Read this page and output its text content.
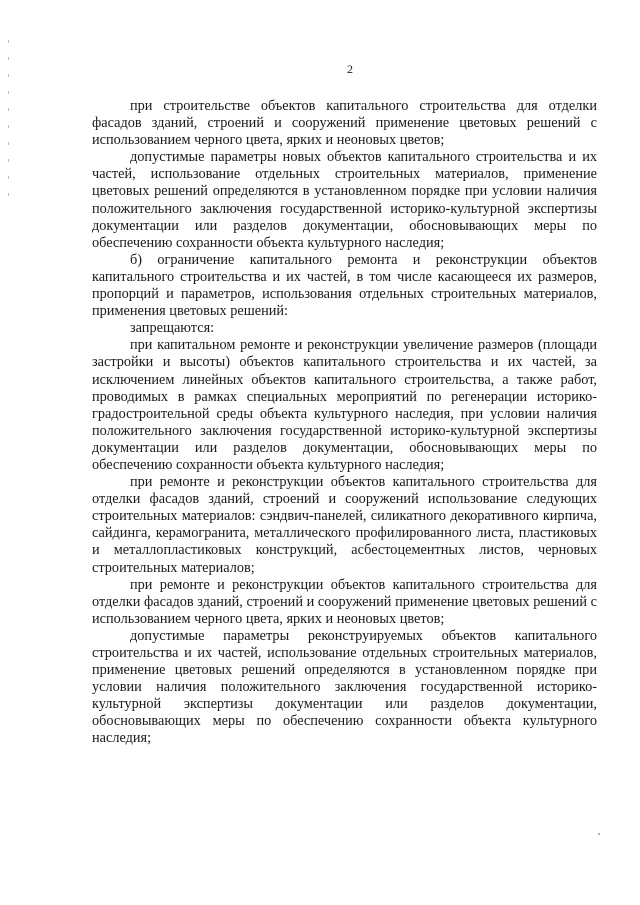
2

при строительстве объектов капитального строительства для отделки фасадов зданий, строений и сооружений применение цветовых решений с использованием черного цвета, ярких и неоновых цветов;

допустимые параметры новых объектов капитального строительства и их частей, использование отдельных строительных материалов, применение цветовых решений определяются в установленном порядке при условии наличия положительного заключения государственной историко-культурной экспертизы документации или разделов документации, обосновывающих меры по обеспечению сохранности объекта культурного наследия;

б) ограничение капитального ремонта и реконструкции объектов капитального строительства и их частей, в том числе касающееся их размеров, пропорций и параметров, использования отдельных строительных материалов, применения цветовых решений:

запрещаются:

при капитальном ремонте и реконструкции увеличение размеров (площади застройки и высоты) объектов капитального строительства и их частей, за исключением линейных объектов капитального строительства, а также работ, проводимых в рамках специальных мероприятий по регенерации историко-градостроительной среды объекта культурного наследия, при условии наличия положительного заключения государственной историко-культурной экспертизы документации или разделов документации, обосновывающих меры по обеспечению сохранности объекта культурного наследия;

при ремонте и реконструкции объектов капитального строительства для отделки фасадов зданий, строений и сооружений использование следующих строительных материалов: сэндвич-панелей, силикатного декоративного кирпича, сайдинга, керамогранита, металлического профилированного листа, пластиковых и металлопластиковых конструкций, асбестоцементных листов, черновых строительных материалов;

при ремонте и реконструкции объектов капитального строительства для отделки фасадов зданий, строений и сооружений применение цветовых решений с использованием черного цвета, ярких и неоновых цветов;

допустимые параметры реконструируемых объектов капитального строительства и их частей, использование отдельных строительных материалов, применение цветовых решений определяются в установленном порядке при условии наличия положительного заключения государственной историко-культурной экспертизы документации или разделов документации, обосновывающих меры по обеспечению сохранности объекта культурного наследия;
